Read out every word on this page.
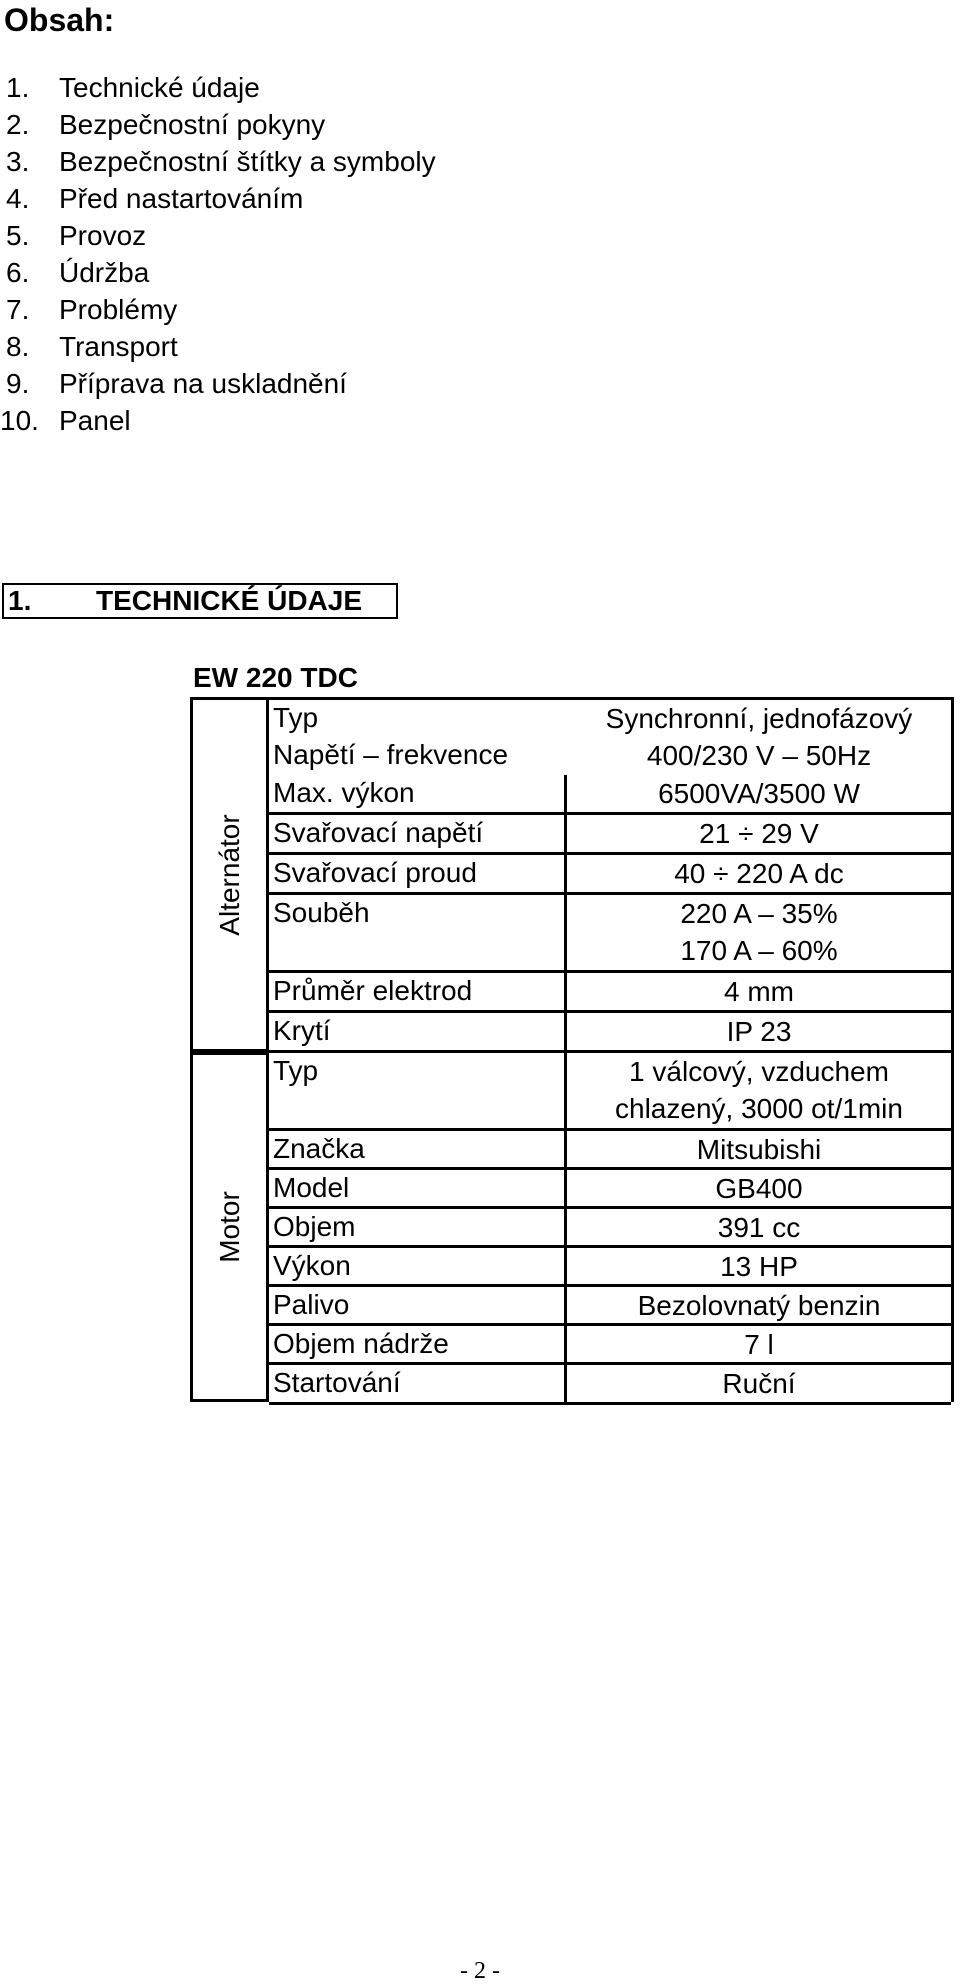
Obsah:
1. Technické údaje
2. Bezpečnostní pokyny
3. Bezpečnostní štítky a symboly
4. Před nastartováním
5. Provoz
6. Údržba
7. Problémy
8. Transport
9. Příprava na uskladnění
10. Panel
1. TECHNICKÉ ÚDAJE
EW 220 TDC
Alternátor
Motor
Typ	Synchronní, jednofázový
Napětí – frekvence	400/230 V – 50Hz
Max. výkon	6500VA/3500 W
Svařovací napětí	21 ÷ 29 V
Svařovací proud	40 ÷ 220 A dc
Souběh	220 A – 35%
170 A – 60%
Průměr elektrod	4 mm
Krytí	IP 23
Typ	1 válcový, vzduchem
chlazený, 3000 ot/1min
Značka	Mitsubishi
Model	GB400
Objem	391 cc
Výkon	13 HP
Palivo	Bezolovnatý benzin
Objem nádrže	7 l
Startování	Ruční
- 2 -
